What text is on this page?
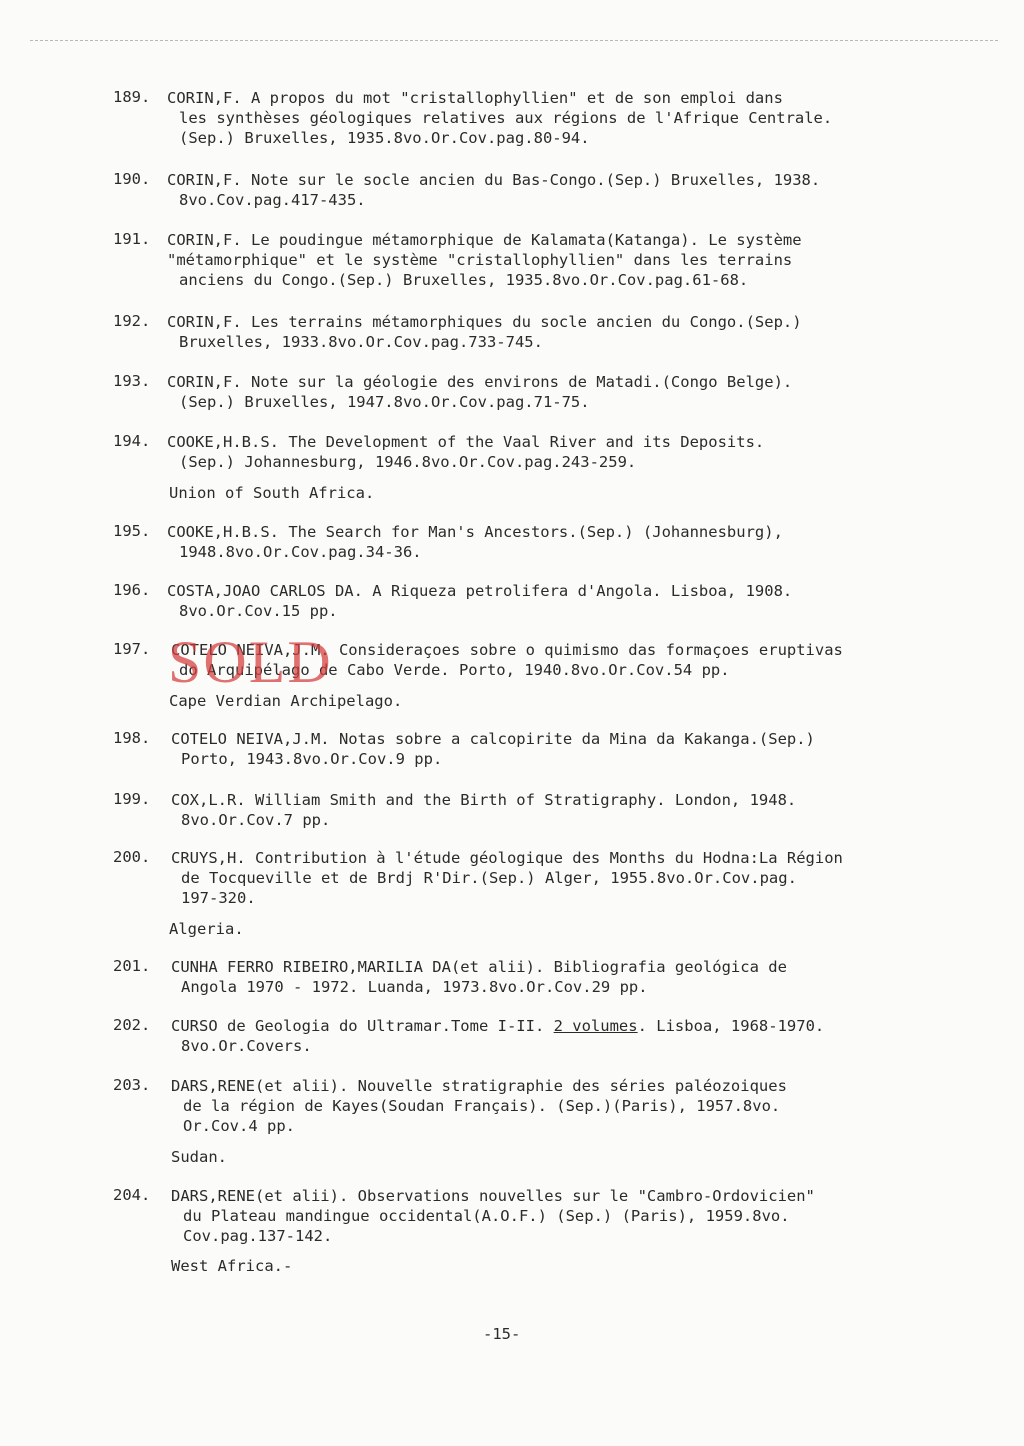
189.	CORIN,F. A propos du mot "cristallophyllien" et de son emploi dans
les synthèses géologiques relatives aux régions de l'Afrique Centrale.
(Sep.) Bruxelles, 1935.8vo.Or.Cov.pag.80-94.
190.	CORIN,F. Note sur le socle ancien du Bas-Congo.(Sep.) Bruxelles, 1938.
8vo.Cov.pag.417-435.
191.	CORIN,F. Le poudingue métamorphique de Kalamata(Katanga). Le système
"métamorphique" et le système "cristallophyllien" dans les terrains
anciens du Congo.(Sep.) Bruxelles, 1935.8vo.Or.Cov.pag.61-68.
192.	CORIN,F. Les terrains métamorphiques du socle ancien du Congo.(Sep.)
Bruxelles, 1933.8vo.Or.Cov.pag.733-745.
193.	CORIN,F. Note sur la géologie des environs de Matadi.(Congo Belge).
(Sep.) Bruxelles, 1947.8vo.Or.Cov.pag.71-75.
194.	COOKE,H.B.S. The Development of the Vaal River and its Deposits.
(Sep.) Johannesburg, 1946.8vo.Or.Cov.pag.243-259.
Union of South Africa.
195.	COOKE,H.B.S. The Search for Man's Ancestors.(Sep.) (Johannesburg),
1948.8vo.Or.Cov.pag.34-36.
196.	COSTA,JOAO CARLOS DA. A Riqueza petrolifera d'Angola. Lisboa, 1908.
8vo.Or.Cov.15 pp.
197.	COTELO NEIVA,J.M. Consideraçoes sobre o quimismo das formaçoes eruptivas
do Arquipélago de Cabo Verde. Porto, 1940.8vo.Or.Cov.54 pp.
Cape Verdian Archipelago.
198.	COTELO NEIVA,J.M. Notas sobre a calcopirite da Mina da Kakanga.(Sep.)
Porto, 1943.8vo.Or.Cov.9 pp.
199.	COX,L.R. William Smith and the Birth of Stratigraphy. London, 1948.
8vo.Or.Cov.7 pp.
200.	CRUYS,H. Contribution à l'étude géologique des Months du Hodna:La Région
de Tocqueville et de Brdj R'Dir.(Sep.) Alger, 1955.8vo.Or.Cov.pag.
197-320.
Algeria.
201.	CUNHA FERRO RIBEIRO,MARILIA DA(et alii). Bibliografia geológica de
Angola 1970 - 1972. Luanda, 1973.8vo.Or.Cov.29 pp.
202.	CURSO de Geologia do Ultramar.Tome I-II. 2 volumes. Lisboa, 1968-1970.
8vo.Or.Covers.
203.	DARS,RENE(et alii). Nouvelle stratigraphie des séries paléozoiques
de la région de Kayes(Soudan Français). (Sep.)(Paris), 1957.8vo.
Or.Cov.4 pp.
Sudan.
204.	DARS,RENE(et alii). Observations nouvelles sur le "Cambro-Ordovicien"
du Plateau mandingue occidental(A.O.F.) (Sep.) (Paris), 1959.8vo.
Cov.pag.137-142.
West Africa.-
SOLD
-15-
